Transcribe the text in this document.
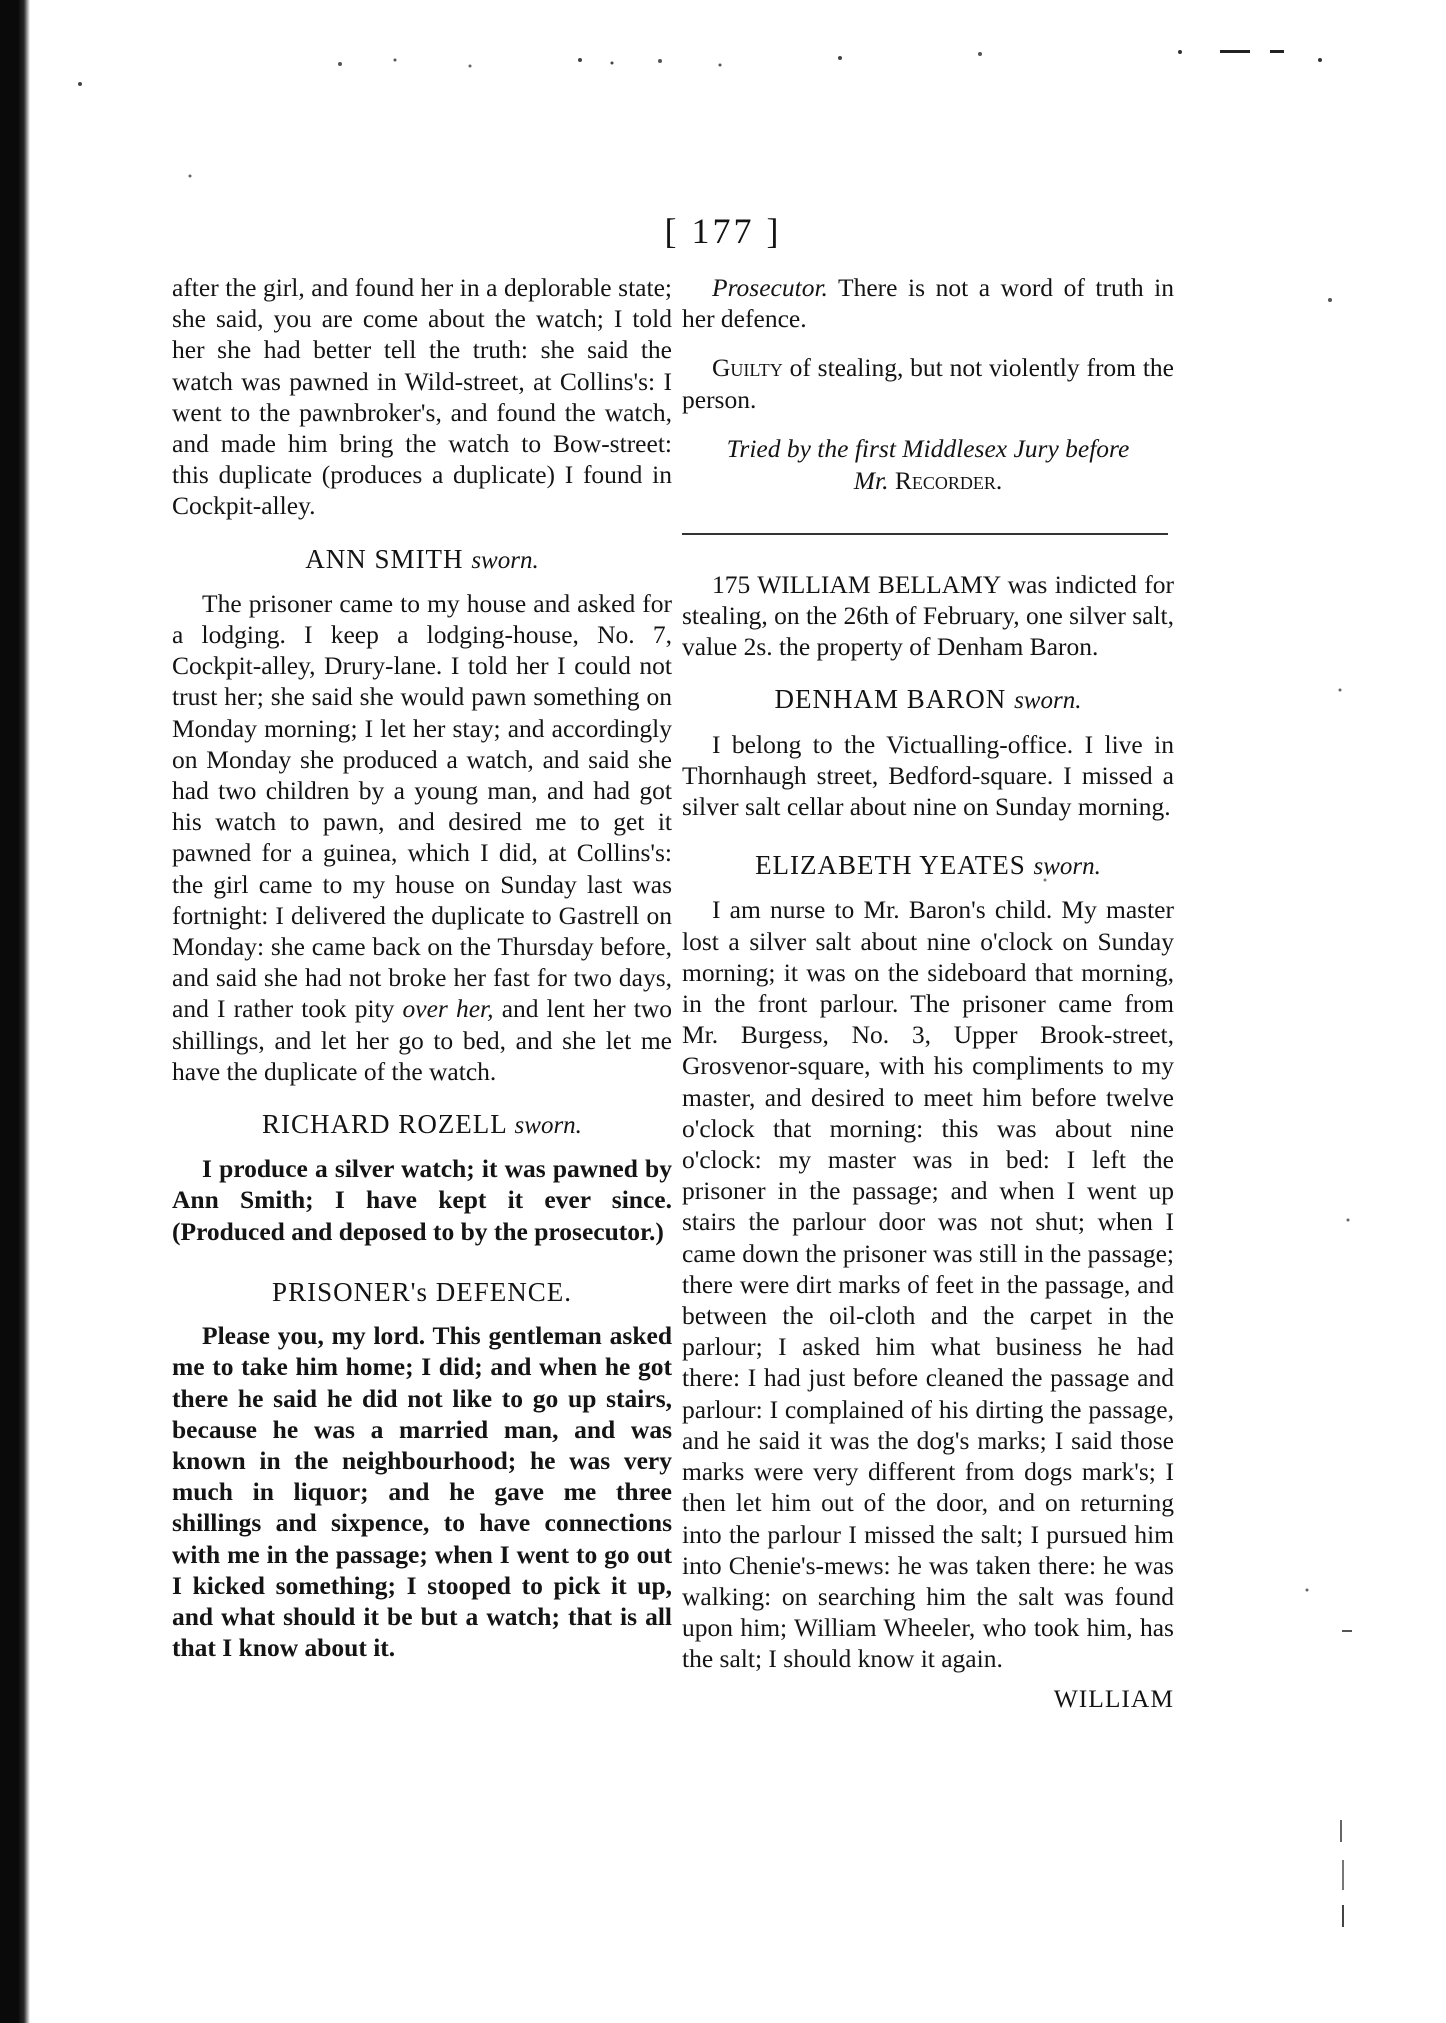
[ 177 ]

after the girl, and found her in a deplorable state; she said, you are come about the watch; I told her she had better tell the truth: she said the watch was pawned in Wild-street, at Collins's: I went to the pawnbroker's, and found the watch, and made him bring the watch to Bow-street: this duplicate (produces a duplicate) I found in Cockpit-alley.

ANN SMITH sworn.

The prisoner came to my house and asked for a lodging. I keep a lodging-house, No. 7, Cockpit-alley, Drury-lane. I told her I could not trust her; she said she would pawn something on Monday morning; I let her stay; and accordingly on Monday she produced a watch, and said she had two children by a young man, and had got his watch to pawn, and desired me to get it pawned for a guinea, which I did, at Collins's: the girl came to my house on Sunday last was fortnight: I delivered the duplicate to Gastrell on Monday: she came back on the Thursday before, and said she had not broke her fast for two days, and I rather took pity over her, and lent her two shillings, and let her go to bed, and she let me have the duplicate of the watch.

RICHARD ROZELL sworn.

I produce a silver watch; it was pawned by Ann Smith; I have kept it ever since. (Produced and deposed to by the prosecutor.)

PRISONER's DEFENCE.

Please you, my lord. This gentleman asked me to take him home; I did; and when he got there he said he did not like to go up stairs, because he was a married man, and was known in the neighbourhood; he was very much in liquor; and he gave me three shillings and sixpence, to have connections with me in the passage; when I went to go out I kicked something; I stooped to pick it up, and what should it be but a watch; that is all that I know about it.

Prosecutor. There is not a word of truth in her defence.

Guilty of stealing, but not violently from the person.

Tried by the first Middlesex Jury before
Mr. Recorder.

175 WILLIAM BELLAMY was indicted for stealing, on the 26th of February, one silver salt, value 2s. the property of Denham Baron.

DENHAM BARON sworn.

I belong to the Victualling-office. I live in Thornhaugh street, Bedford-square. I missed a silver salt cellar about nine on Sunday morning.

ELIZABETH YEATES sworn.

I am nurse to Mr. Baron's child. My master lost a silver salt about nine o'clock on Sunday morning; it was on the sideboard that morning, in the front parlour. The prisoner came from Mr. Burgess, No. 3, Upper Brook-street, Grosvenor-square, with his compliments to my master, and desired to meet him before twelve o'clock that morning: this was about nine o'clock: my master was in bed: I left the prisoner in the passage; and when I went up stairs the parlour door was not shut; when I came down the prisoner was still in the passage; there were dirt marks of feet in the passage, and between the oil-cloth and the carpet in the parlour; I asked him what business he had there: I had just before cleaned the passage and parlour: I complained of his dirting the passage, and he said it was the dog's marks; I said those marks were very different from dogs mark's; I then let him out of the door, and on returning into the parlour I missed the salt; I pursued him into Chenie's-mews: he was taken there: he was walking: on searching him the salt was found upon him; William Wheeler, who took him, has the salt; I should know it again.

WILLIAM
